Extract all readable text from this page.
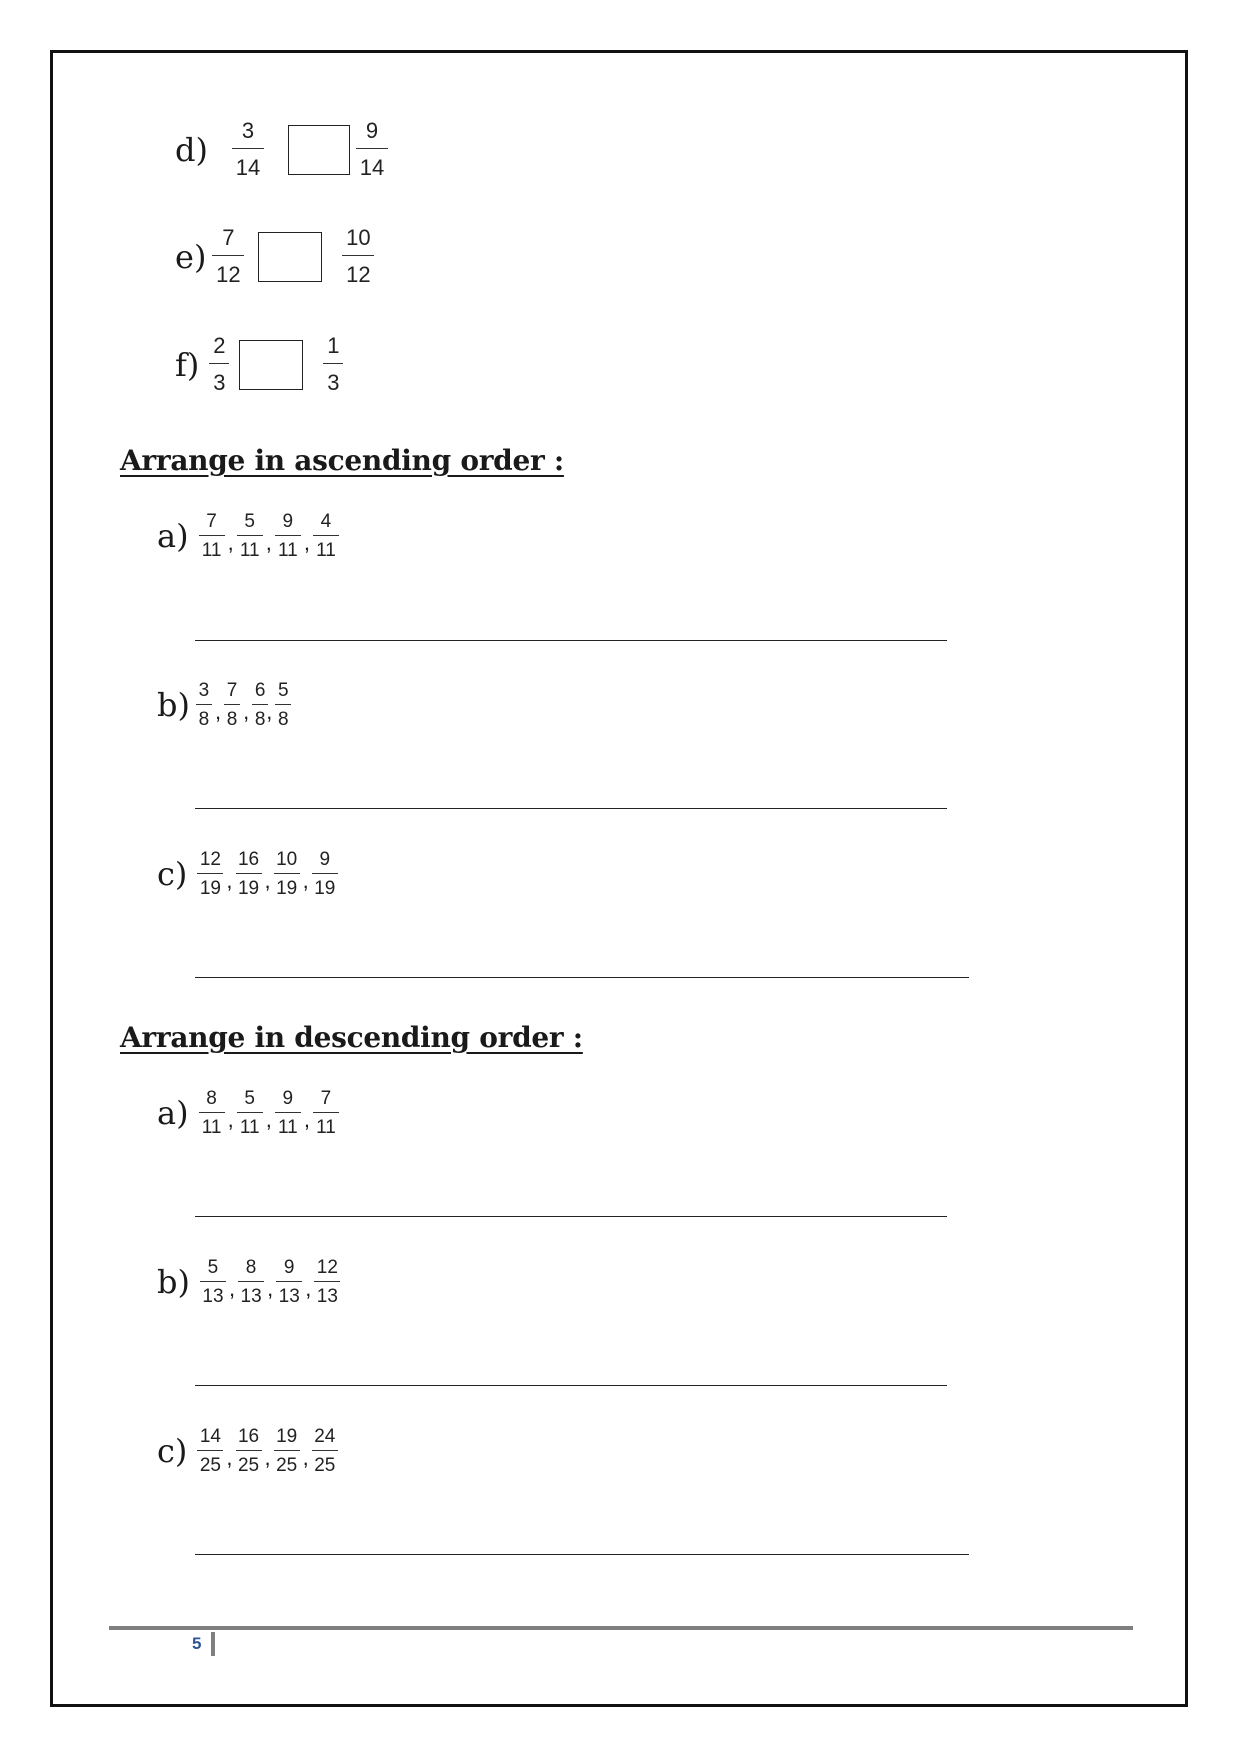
$d) \frac{3}{14}$	$\frac{9}{14}$
$e) \frac{7}{12}$	$\frac{10}{12}$
$f) \frac{2}{3}$	$\frac{1}{3}$
Arrange in ascending order :
$a) \frac{7}{11}$ , $\frac{5}{11}$ , $\frac{9}{11}$ , $\frac{4}{11}$
$b) \frac{3}{8}$ , $\frac{7}{8}$ , $\frac{6}{8}$
, $\frac{5}{8}$
$c) \frac{12}{19}$ , $\frac{16}{19}$ , $\frac{10}{19}$ , $\frac{9}{19}$
Arrange in descending order :
$a) \frac{8}{11}$ , $\frac{5}{11}$ , $\frac{9}{11}$ , $\frac{7}{11}$
$b) \frac{5}{13}$ , $\frac{8}{13}$ , $\frac{9}{13}$ , $\frac{12}{13}$
$c) \frac{14}{25}$ , $\frac{16}{25}$ , $\frac{19}{25}$ , $\frac{24}{25}$
5
